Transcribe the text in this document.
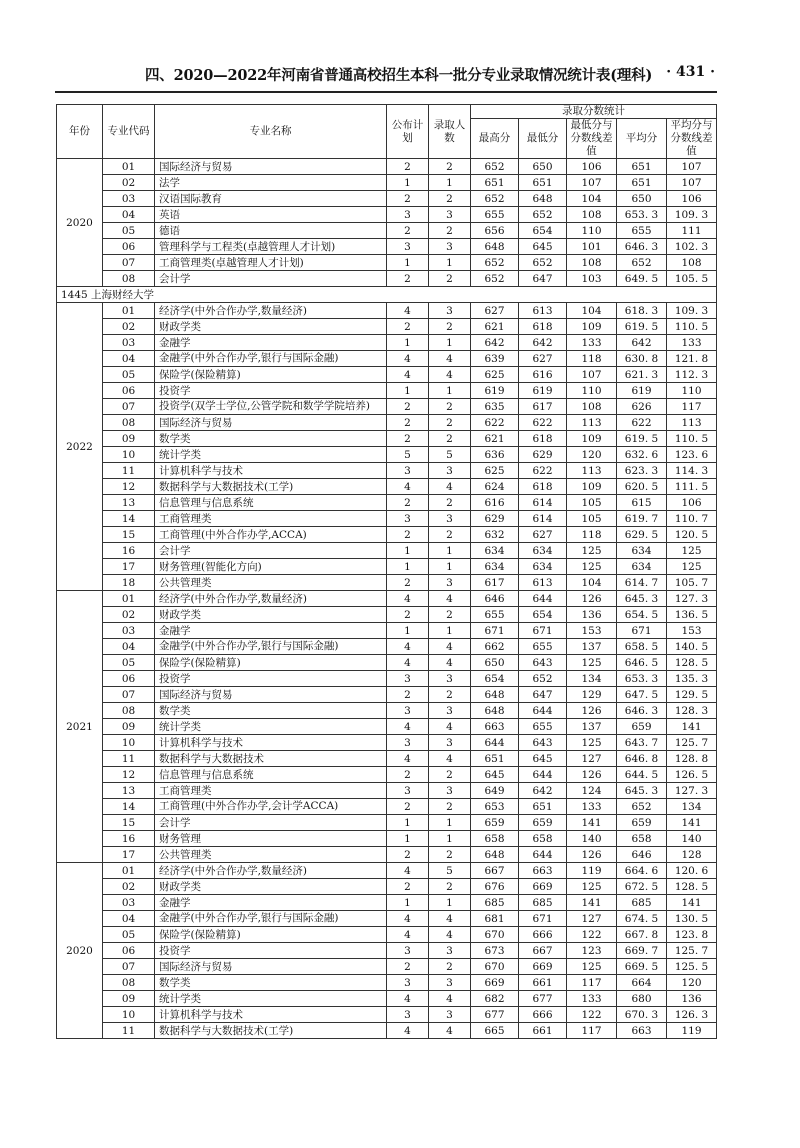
四、2020—2022年河南省普通高校招生本科一批分专业录取情况统计表(理科) · 431 ·
年份	专业代码	专业名称	公布计划	录取人数	录取分数统计				
					最高分	最低分	最低分与分数线差值	平均分	平均分与分数线差值
2020	01	国际经济与贸易	2	2	652	650	106	651	107
	02	法学	1	1	651	651	107	651	107
	03	汉语国际教育	2	2	652	648	104	650	106
	04	英语	3	3	655	652	108	653. 3	109. 3
	05	德语	2	2	656	654	110	655	111
	06	管理科学与工程类(卓越管理人才计划)	3	3	648	645	101	646. 3	102. 3
	07	工商管理类(卓越管理人才计划)	1	1	652	652	108	652	108
	08	会计学	2	2	652	647	103	649. 5	105. 5
1445 上海财经大学									
2022	01	经济学(中外合作办学,数量经济)	4	3	627	613	104	618. 3	109. 3
	02	财政学类	2	2	621	618	109	619. 5	110. 5
	03	金融学	1	1	642	642	133	642	133
	04	金融学(中外合作办学,银行与国际金融)	4	4	639	627	118	630. 8	121. 8
	05	保险学(保险精算)	4	4	625	616	107	621. 3	112. 3
	06	投资学	1	1	619	619	110	619	110
	07	投资学(双学士学位,公管学院和数学学院培养)	2	2	635	617	108	626	117
	08	国际经济与贸易	2	2	622	622	113	622	113
	09	数学类	2	2	621	618	109	619. 5	110. 5
	10	统计学类	5	5	636	629	120	632. 6	123. 6
	11	计算机科学与技术	3	3	625	622	113	623. 3	114. 3
	12	数据科学与大数据技术(工学)	4	4	624	618	109	620. 5	111. 5
	13	信息管理与信息系统	2	2	616	614	105	615	106
	14	工商管理类	3	3	629	614	105	619. 7	110. 7
	15	工商管理(中外合作办学,ACCA)	2	2	632	627	118	629. 5	120. 5
	16	会计学	1	1	634	634	125	634	125
	17	财务管理(智能化方向)	1	1	634	634	125	634	125
	18	公共管理类	2	3	617	613	104	614. 7	105. 7
2021	01	经济学(中外合作办学,数量经济)	4	4	646	644	126	645. 3	127. 3
	02	财政学类	2	2	655	654	136	654. 5	136. 5
	03	金融学	1	1	671	671	153	671	153
	04	金融学(中外合作办学,银行与国际金融)	4	4	662	655	137	658. 5	140. 5
	05	保险学(保险精算)	4	4	650	643	125	646. 5	128. 5
	06	投资学	3	3	654	652	134	653. 3	135. 3
	07	国际经济与贸易	2	2	648	647	129	647. 5	129. 5
	08	数学类	3	3	648	644	126	646. 3	128. 3
	09	统计学类	4	4	663	655	137	659	141
	10	计算机科学与技术	3	3	644	643	125	643. 7	125. 7
	11	数据科学与大数据技术	4	4	651	645	127	646. 8	128. 8
	12	信息管理与信息系统	2	2	645	644	126	644. 5	126. 5
	13	工商管理类	3	3	649	642	124	645. 3	127. 3
	14	工商管理(中外合作办学,会计学ACCA)	2	2	653	651	133	652	134
	15	会计学	1	1	659	659	141	659	141
	16	财务管理	1	1	658	658	140	658	140
	17	公共管理类	2	2	648	644	126	646	128
2020	01	经济学(中外合作办学,数量经济)	4	5	667	663	119	664. 6	120. 6
	02	财政学类	2	2	676	669	125	672. 5	128. 5
	03	金融学	1	1	685	685	141	685	141
	04	金融学(中外合作办学,银行与国际金融)	4	4	681	671	127	674. 5	130. 5
	05	保险学(保险精算)	4	4	670	666	122	667. 8	123. 8
	06	投资学	3	3	673	667	123	669. 7	125. 7
	07	国际经济与贸易	2	2	670	669	125	669. 5	125. 5
	08	数学类	3	3	669	661	117	664	120
	09	统计学类	4	4	682	677	133	680	136
	10	计算机科学与技术	3	3	677	666	122	670. 3	126. 3
	11	数据科学与大数据技术(工学)	4	4	665	661	117	663	119
